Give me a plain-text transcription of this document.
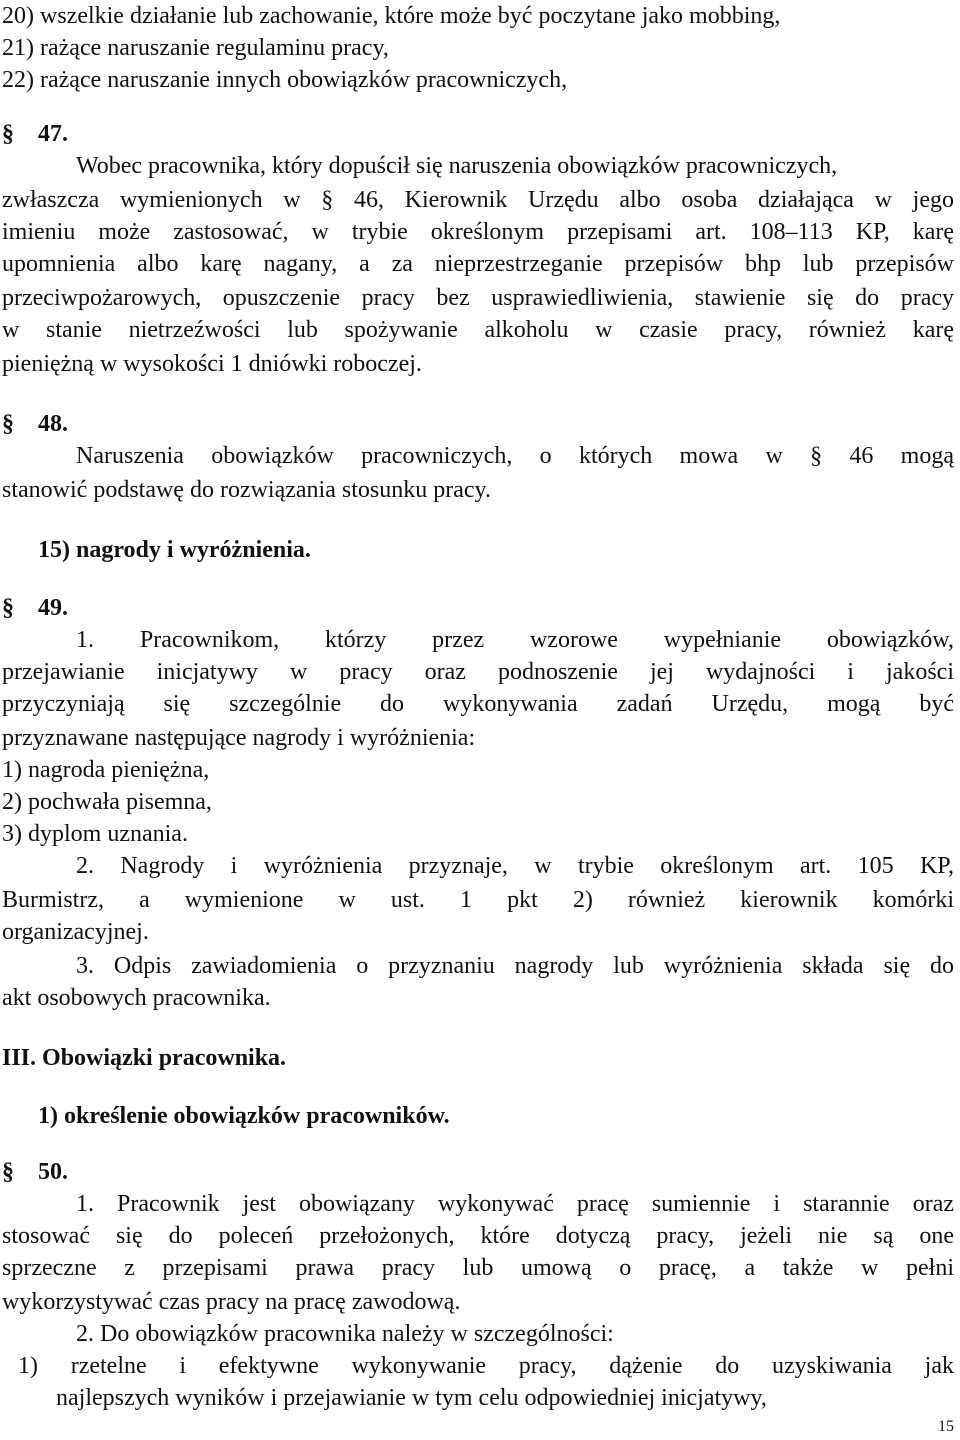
20) wszelkie działanie lub zachowanie, które może być poczytane jako mobbing,
21) rażące naruszanie regulaminu pracy,
22) rażące naruszanie innych obowiązków pracowniczych,
§ 47.
Wobec pracownika, który dopuścił się naruszenia obowiązków pracowniczych,
zwłaszcza wymienionych w § 46, Kierownik Urzędu albo osoba działająca w jego
imieniu może zastosować, w trybie określonym przepisami art. 108–113 KP, karę
upomnienia albo karę nagany, a za nieprzestrzeganie przepisów bhp lub przepisów
przeciwpożarowych, opuszczenie pracy bez usprawiedliwienia, stawienie się do pracy
w stanie nietrzeźwości lub spożywanie alkoholu w czasie pracy, również karę
pieniężną w wysokości 1 dniówki roboczej.
§ 48.
Naruszenia obowiązków pracowniczych, o których mowa w § 46 mogą
stanowić podstawę do rozwiązania stosunku pracy.
15) nagrody i wyróżnienia.
§ 49.
1. Pracownikom, którzy przez wzorowe wypełnianie obowiązków,
przejawianie inicjatywy w pracy oraz podnoszenie jej wydajności i jakości
przyczyniają się szczególnie do wykonywania zadań Urzędu, mogą być
przyznawane następujące nagrody i wyróżnienia:
1) nagroda pieniężna,
2) pochwała pisemna,
3) dyplom uznania.
2. Nagrody i wyróżnienia przyznaje, w trybie określonym art. 105 KP,
Burmistrz, a wymienione w ust. 1 pkt 2) również kierownik komórki
organizacyjnej.
3. Odpis zawiadomienia o przyznaniu nagrody lub wyróżnienia składa się do
akt osobowych pracownika.
III. Obowiązki pracownika.
1) określenie obowiązków pracowników.
§ 50.
1. Pracownik jest obowiązany wykonywać pracę sumiennie i starannie oraz
stosować się do poleceń przełożonych, które dotyczą pracy, jeżeli nie są one
sprzeczne z przepisami prawa pracy lub umową o pracę, a także w pełni
wykorzystywać czas pracy na pracę zawodową.
2. Do obowiązków pracownika należy w szczególności:
1) rzetelne i efektywne wykonywanie pracy, dążenie do uzyskiwania jak
najlepszych wyników i przejawianie w tym celu odpowiedniej inicjatywy,
15
